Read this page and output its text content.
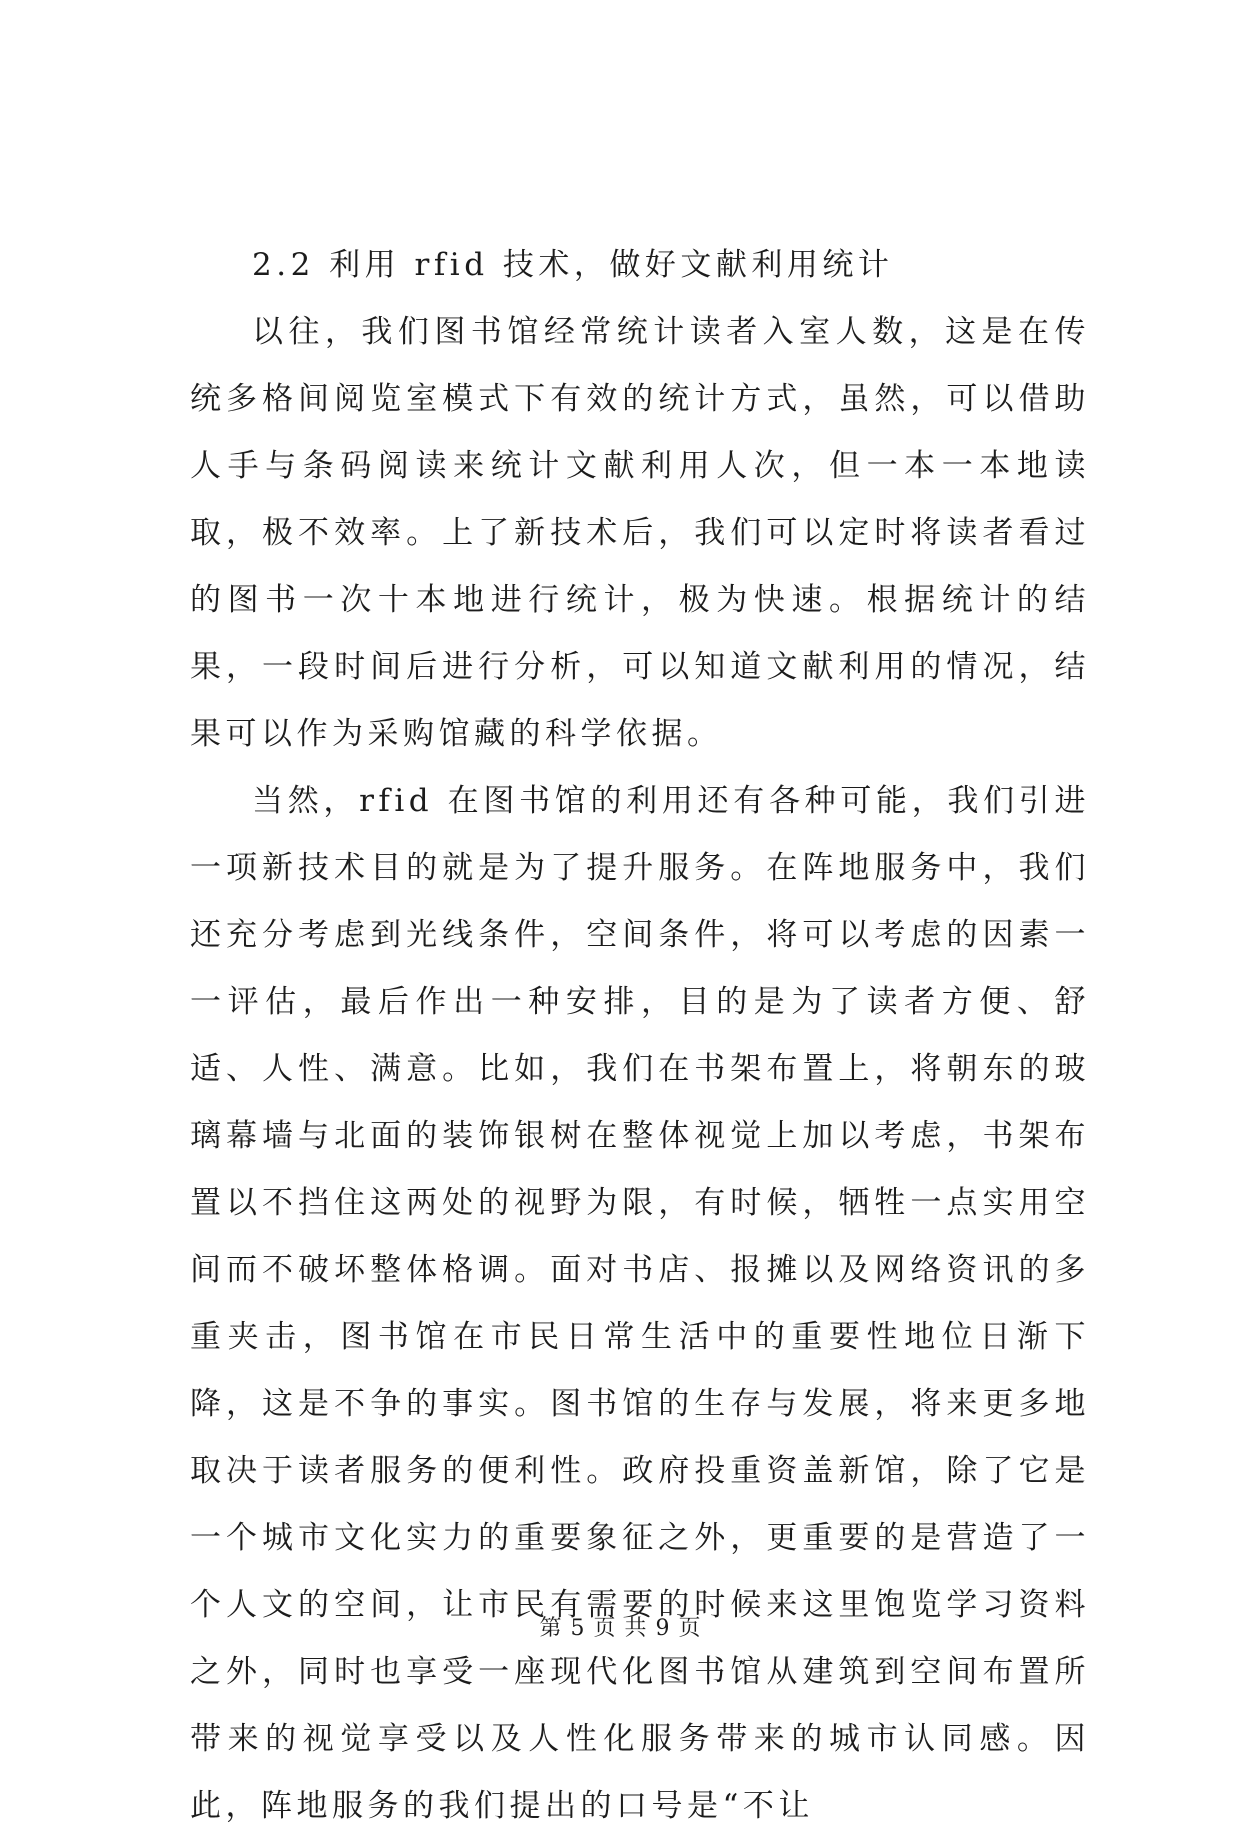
2.2 利用 rfid 技术，做好文献利用统计

以往，我们图书馆经常统计读者入室人数，这是在传统多格间阅览室模式下有效的统计方式，虽然，可以借助人手与条码阅读来统计文献利用人次，但一本一本地读取，极不效率。上了新技术后，我们可以定时将读者看过的图书一次十本地进行统计，极为快速。根据统计的结果，一段时间后进行分析，可以知道文献利用的情况，结果可以作为采购馆藏的科学依据。

当然，rfid 在图书馆的利用还有各种可能，我们引进一项新技术目的就是为了提升服务。在阵地服务中，我们还充分考虑到光线条件，空间条件，将可以考虑的因素一一评估，最后作出一种安排，目的是为了读者方便、舒适、人性、满意。比如，我们在书架布置上，将朝东的玻璃幕墙与北面的装饰银树在整体视觉上加以考虑，书架布置以不挡住这两处的视野为限，有时候，牺牲一点实用空间而不破坏整体格调。面对书店、报摊以及网络资讯的多重夹击，图书馆在市民日常生活中的重要性地位日渐下降，这是不争的事实。图书馆的生存与发展，将来更多地取决于读者服务的便利性。政府投重资盖新馆，除了它是一个城市文化实力的重要象征之外，更重要的是营造了一个人文的空间，让市民有需要的时候来这里饱览学习资料之外，同时也享受一座现代化图书馆从建筑到空间布置所带来的视觉享受以及人性化服务带来的城市认同感。因此，阵地服务的我们提出的口号是“不让

第 5 页 共 9 页
